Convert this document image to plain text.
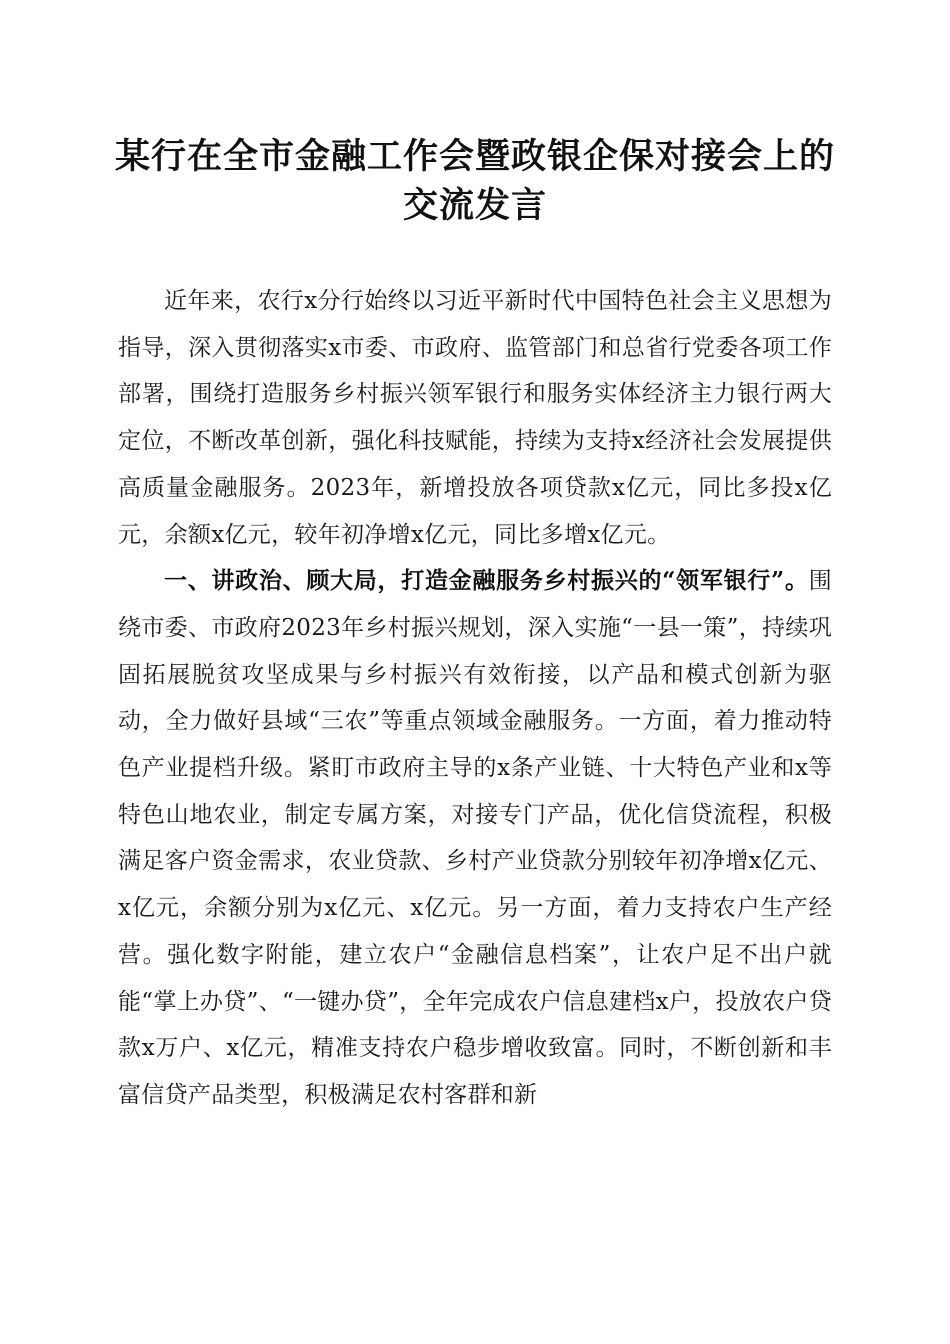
某行在全市金融工作会暨政银企保对接会上的
交流发言

近年来，农行x分行始终以习近平新时代中国特色社会主义思想为指导，深入贯彻落实x市委、市政府、监管部门和总省行党委各项工作部署，围绕打造服务乡村振兴领军银行和服务实体经济主力银行两大定位，不断改革创新，强化科技赋能，持续为支持x经济社会发展提供高质量金融服务。2023年，新增投放各项贷款x亿元，同比多投x亿元，余额x亿元，较年初净增x亿元，同比多增x亿元。

一、讲政治、顾大局，打造金融服务乡村振兴的“领军银行”。围绕市委、市政府2023年乡村振兴规划，深入实施“一县一策”，持续巩固拓展脱贫攻坚成果与乡村振兴有效衔接，以产品和模式创新为驱动，全力做好县域“三农”等重点领域金融服务。一方面，着力推动特色产业提档升级。紧盯市政府主导的x条产业链、十大特色产业和x等特色山地农业，制定专属方案，对接专门产品，优化信贷流程，积极满足客户资金需求，农业贷款、乡村产业贷款分别较年初净增x亿元、x亿元，余额分别为x亿元、x亿元。另一方面，着力支持农户生产经营。强化数字附能，建立农户“金融信息档案”，让农户足不出户就能“掌上办贷”、“一键办贷”，全年完成农户信息建档x户，投放农户贷款x万户、x亿元，精准支持农户稳步增收致富。同时，不断创新和丰富信贷产品类型，积极满足农村客群和新
